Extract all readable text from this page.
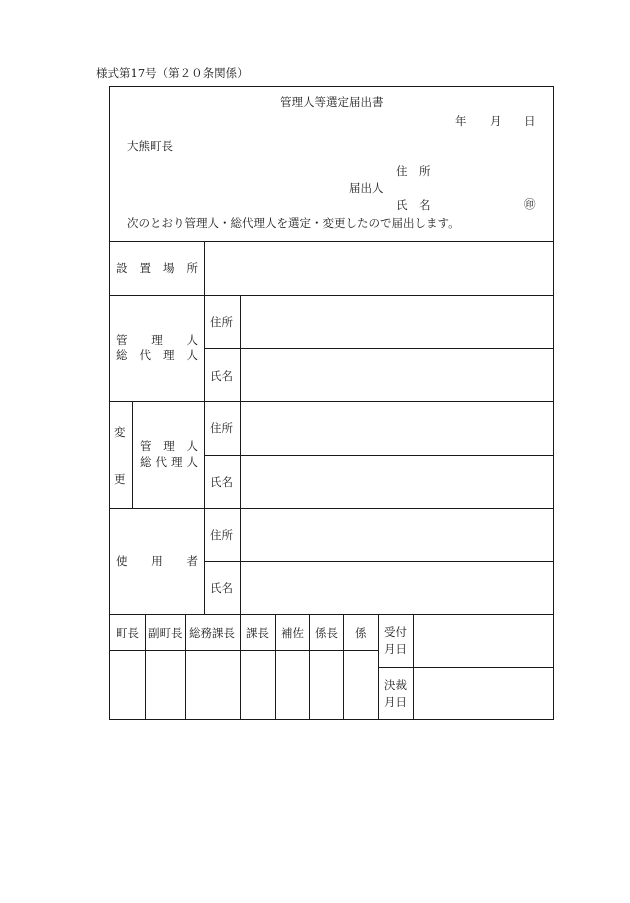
様式第17号（第２０条関係）
管理人等選定届出書
年 月 日
大熊町長
住　所
届出人
氏　名	㊞
次のとおり管理人・総代理人を選定・変更したので届出します。
設 置 場 所
管 理 人
総 代 理 人
住所
氏名
変
更
管 理 人
総 代 理 人
住所
氏名
使 用 者
住所
氏名
町長 副町長 総務課長 課長 補佐 係長 係 受付
月日
決裁
月日
